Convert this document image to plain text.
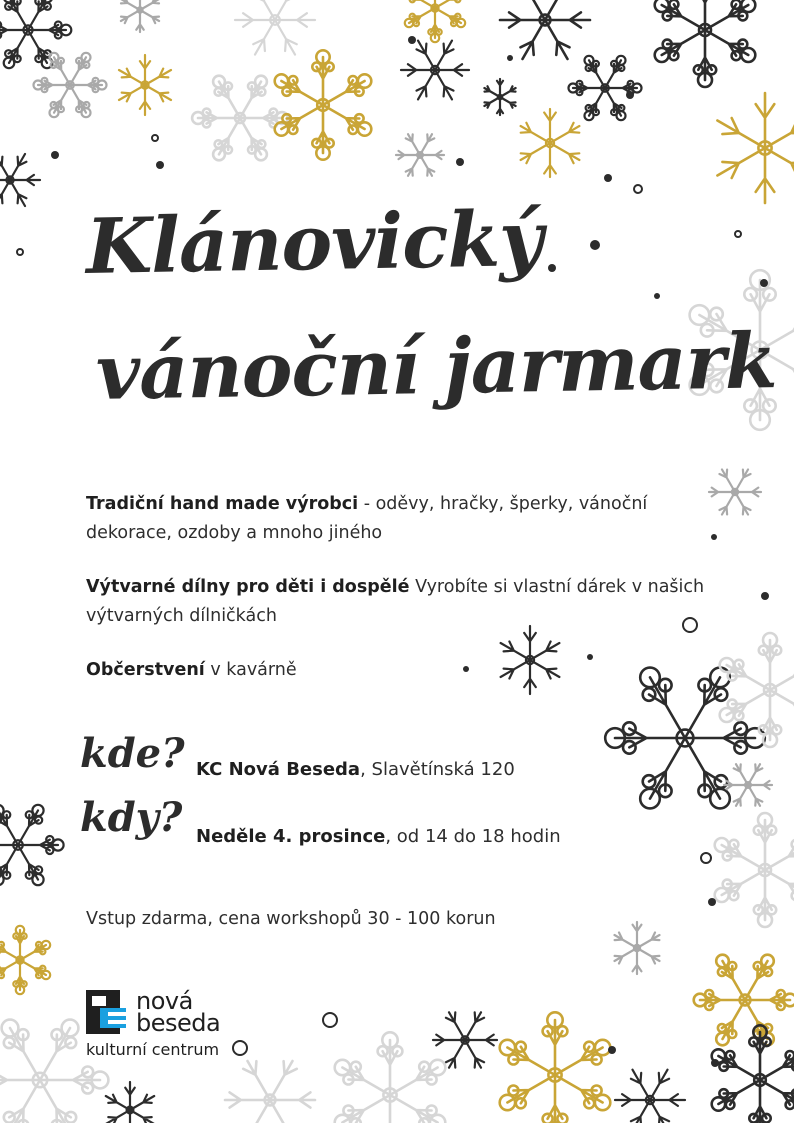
Klánovický
vánoční jarmark
Tradiční hand made výrobci - oděvy, hračky, šperky, vánoční dekorace, ozdoby a mnoho jiného
Výtvarné dílny pro děti i dospělé Vyrobíte si vlastní dárek v našich výtvarných dílničkách
Občerstvení v kavárně
kde? KC Nová Beseda, Slavětínská 120
kdy? Neděle 4. prosince, od 14 do 18 hodin
Vstup zdarma, cena workshopů 30 - 100 korun
nová
beseda
kulturní centrum
